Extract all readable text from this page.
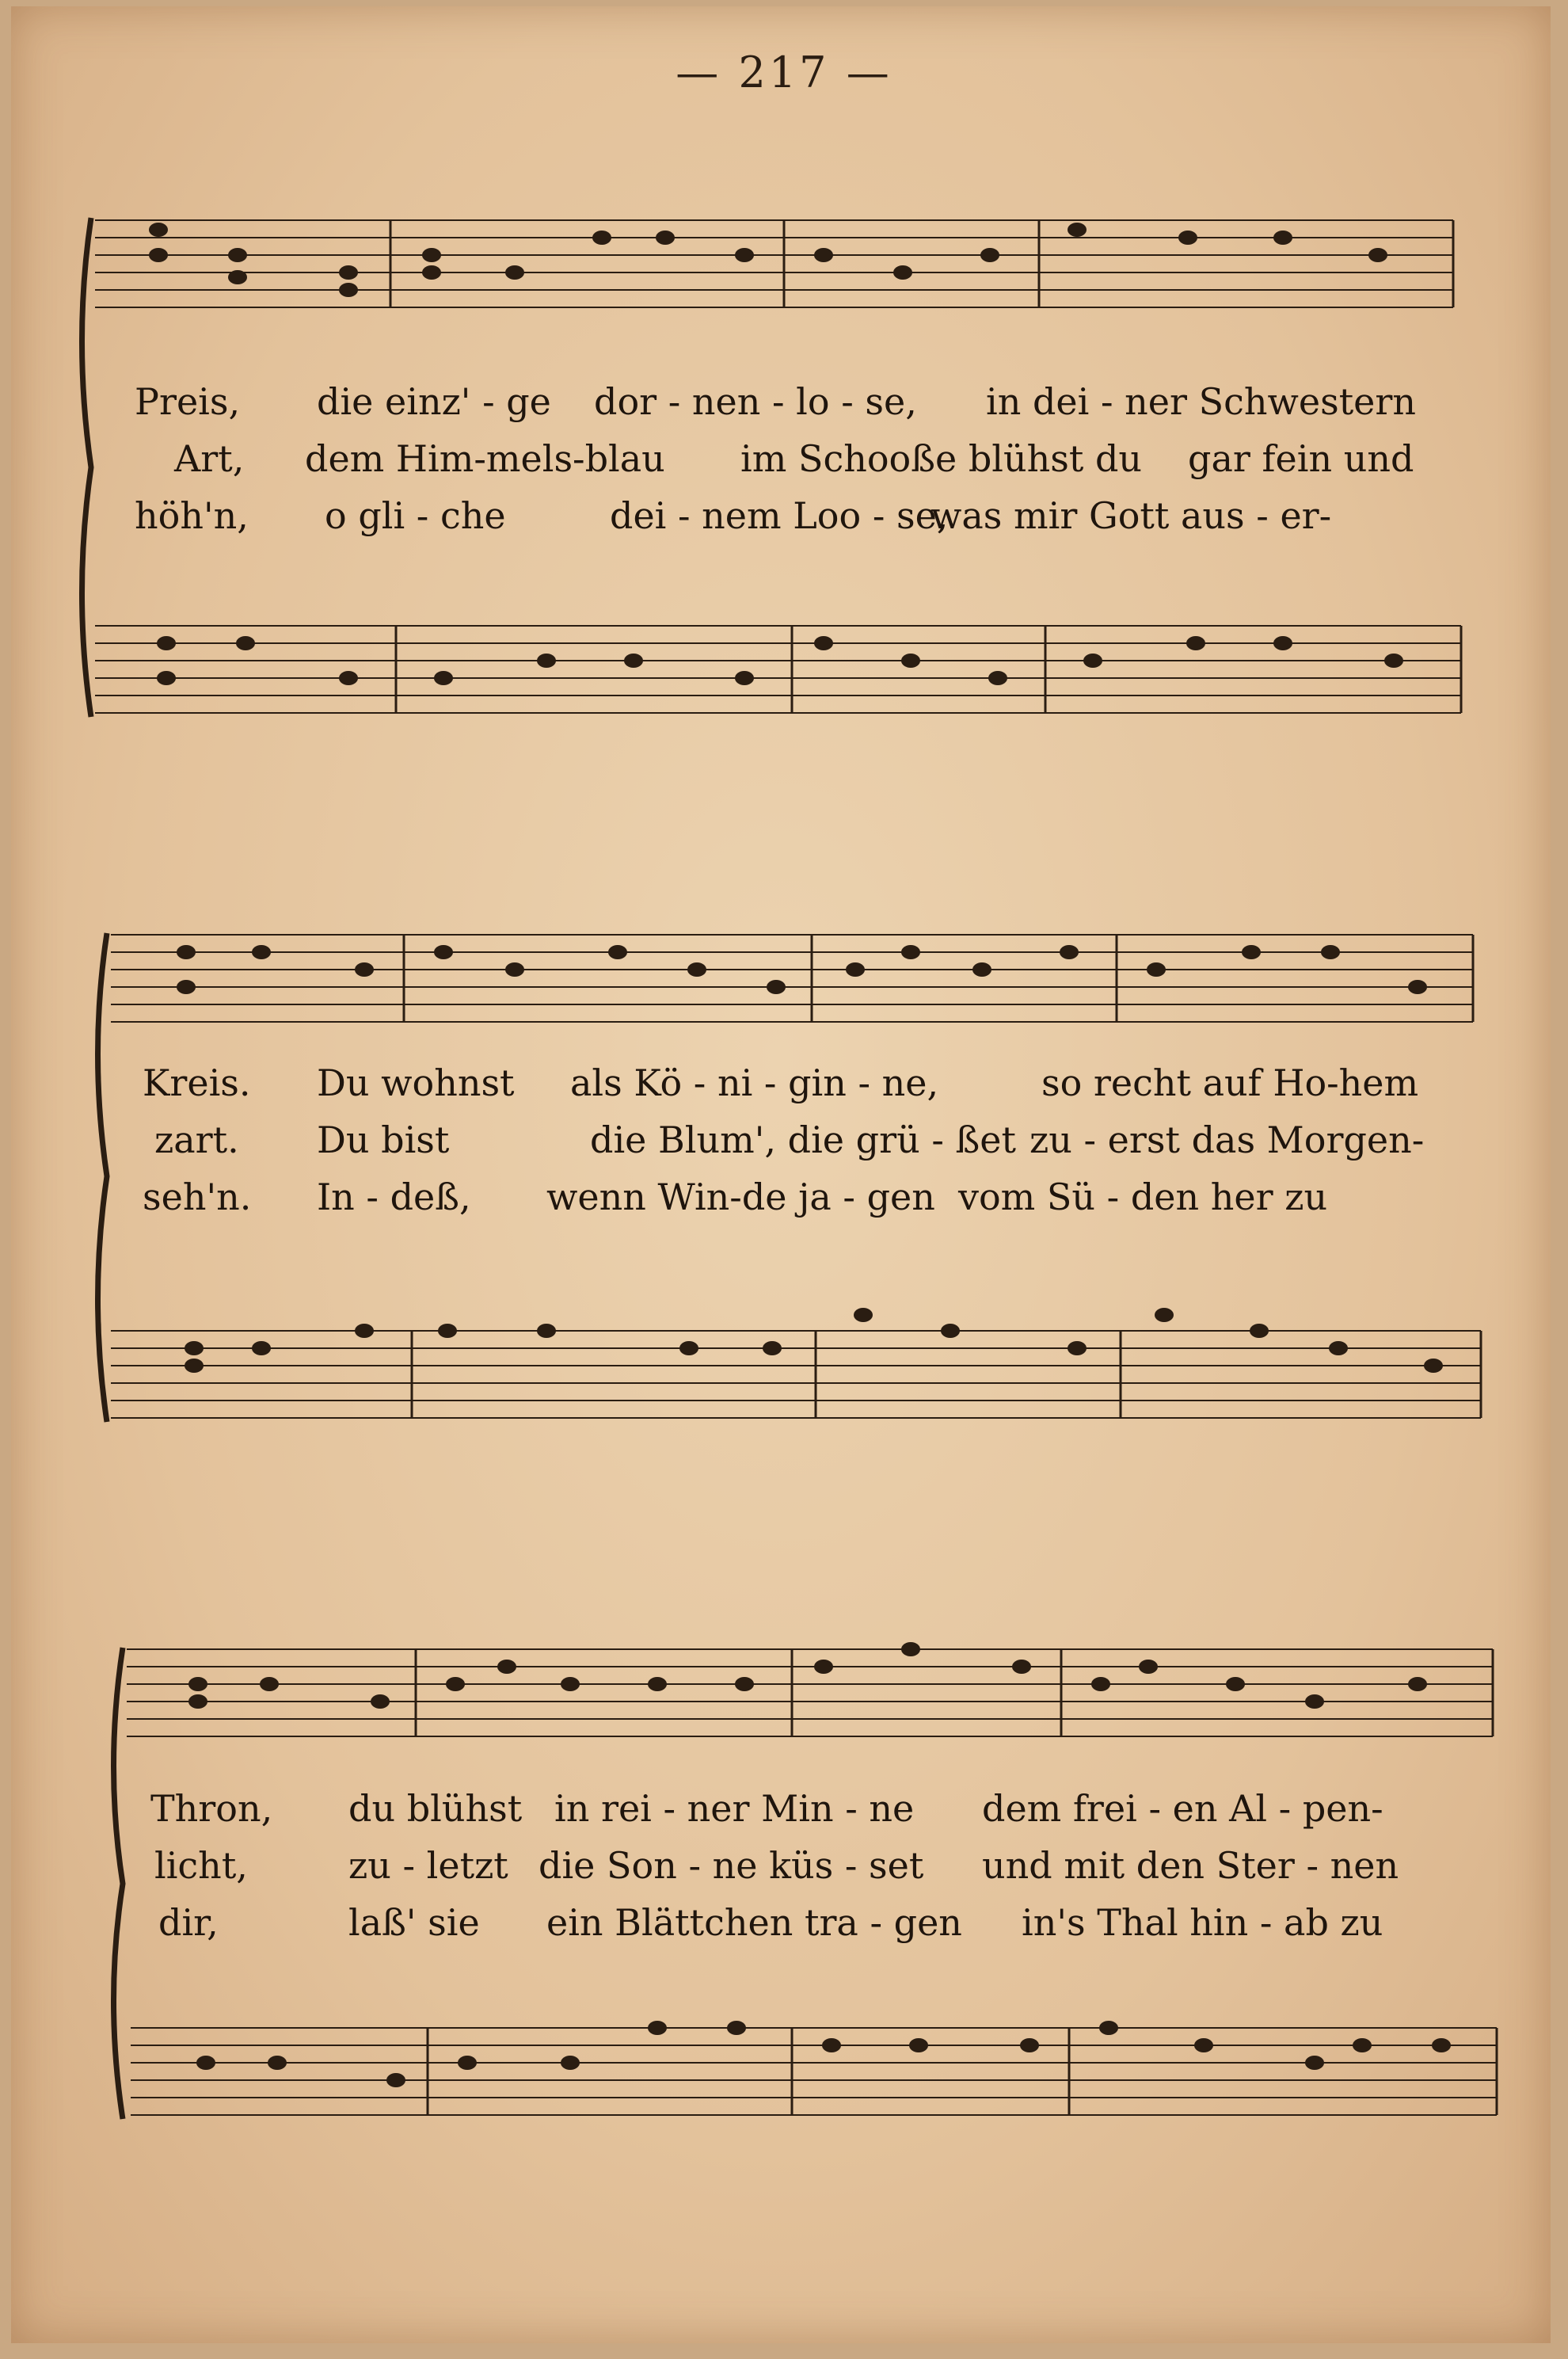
— 217 —
Preis, die einz' - ge dor - nen - lo - se, in dei - ner Schwestern
Art, dem Him-mels-blau im Schooße blühst du gar fein und
höh'n, o gli - che	dei - nem Loo - se,
was mir Gott aus - er-
Kreis. Du wohnst als Kö - ni - gin - ne,	so recht auf Ho-hem
zart. Du bist	die Blum', die grü - ßet zu - erst das Morgen-
seh'n. In - deß, wenn Win-de ja - gen vom Sü - den her zu
Thron, du blühst in rei - ner Min - ne dem frei - en Al - pen-
licht,	zu - letzt die Son - ne küs - set und mit den Ster - nen
dir,	laß' sie ein Blättchen tra - gen in's Thal hin - ab zu
